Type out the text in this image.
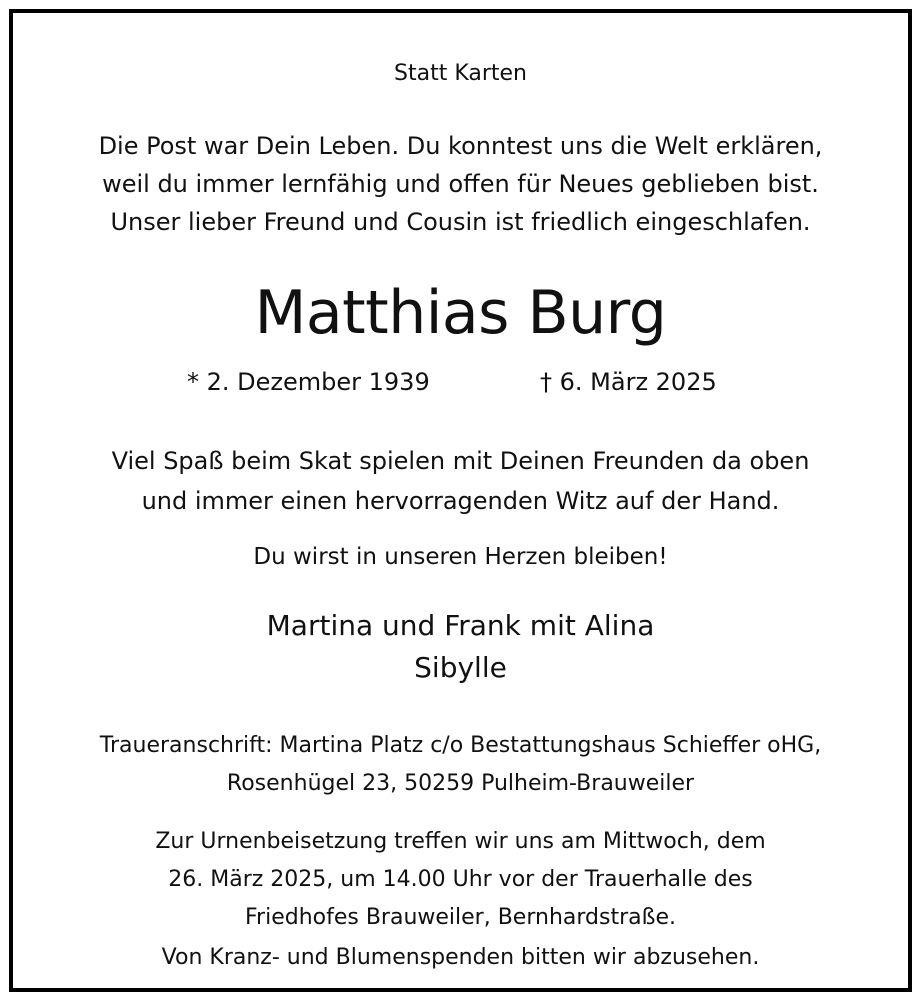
Statt Karten
Die Post war Dein Leben. Du konntest uns die Welt erklären,
weil du immer lernfähig und offen für Neues geblieben bist.
Unser lieber Freund und Cousin ist friedlich eingeschlafen.
Matthias Burg
* 2. Dezember 1939	† 6. März 2025
Viel Spaß beim Skat spielen mit Deinen Freunden da oben
und immer einen hervorragenden Witz auf der Hand.
Du wirst in unseren Herzen bleiben!
Martina und Frank mit Alina
Sibylle
Traueranschrift: Martina Platz c/o Bestattungshaus Schieffer oHG,
Rosenhügel 23, 50259 Pulheim-Brauweiler
Zur Urnenbeisetzung treffen wir uns am Mittwoch, dem
26. März 2025, um 14.00 Uhr vor der Trauerhalle des
Friedhofes Brauweiler, Bernhardstraße.
Von Kranz- und Blumenspenden bitten wir abzusehen.
